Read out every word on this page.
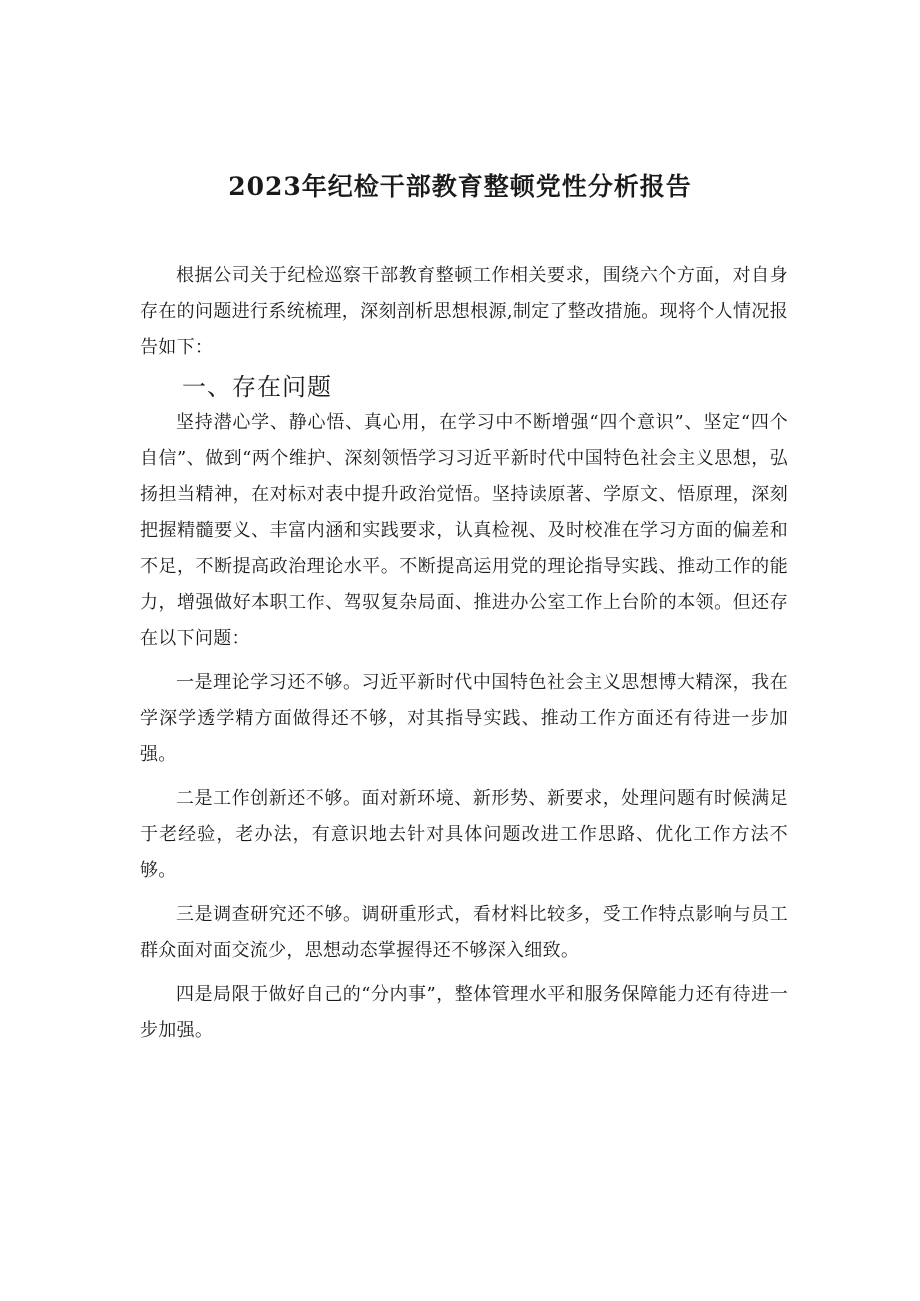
2023年纪检干部教育整顿党性分析报告

根据公司关于纪检巡察干部教育整顿工作相关要求，围绕六个方面，对自身存在的问题进行系统梳理，深刻剖析思想根源,制定了整改措施。现将个人情况报告如下：

一、存在问题

坚持潜心学、静心悟、真心用，在学习中不断增强“四个意识”、坚定“四个自信”、做到“两个维护、深刻领悟学习习近平新时代中国特色社会主义思想，弘扬担当精神，在对标对表中提升政治觉悟。坚持读原著、学原文、悟原理，深刻把握精髓要义、丰富内涵和实践要求，认真检视、及时校准在学习方面的偏差和不足，不断提高政治理论水平。不断提高运用党的理论指导实践、推动工作的能力，增强做好本职工作、驾驭复杂局面、推进办公室工作上台阶的本领。但还存在以下问题：

一是理论学习还不够。习近平新时代中国特色社会主义思想博大精深，我在学深学透学精方面做得还不够，对其指导实践、推动工作方面还有待进一步加强。

二是工作创新还不够。面对新环境、新形势、新要求，处理问题有时候满足于老经验，老办法，有意识地去针对具体问题改进工作思路、优化工作方法不够。

三是调查研究还不够。调研重形式，看材料比较多，受工作特点影响与员工群众面对面交流少，思想动态掌握得还不够深入细致。

四是局限于做好自己的“分内事”，整体管理水平和服务保障能力还有待进一步加强。
